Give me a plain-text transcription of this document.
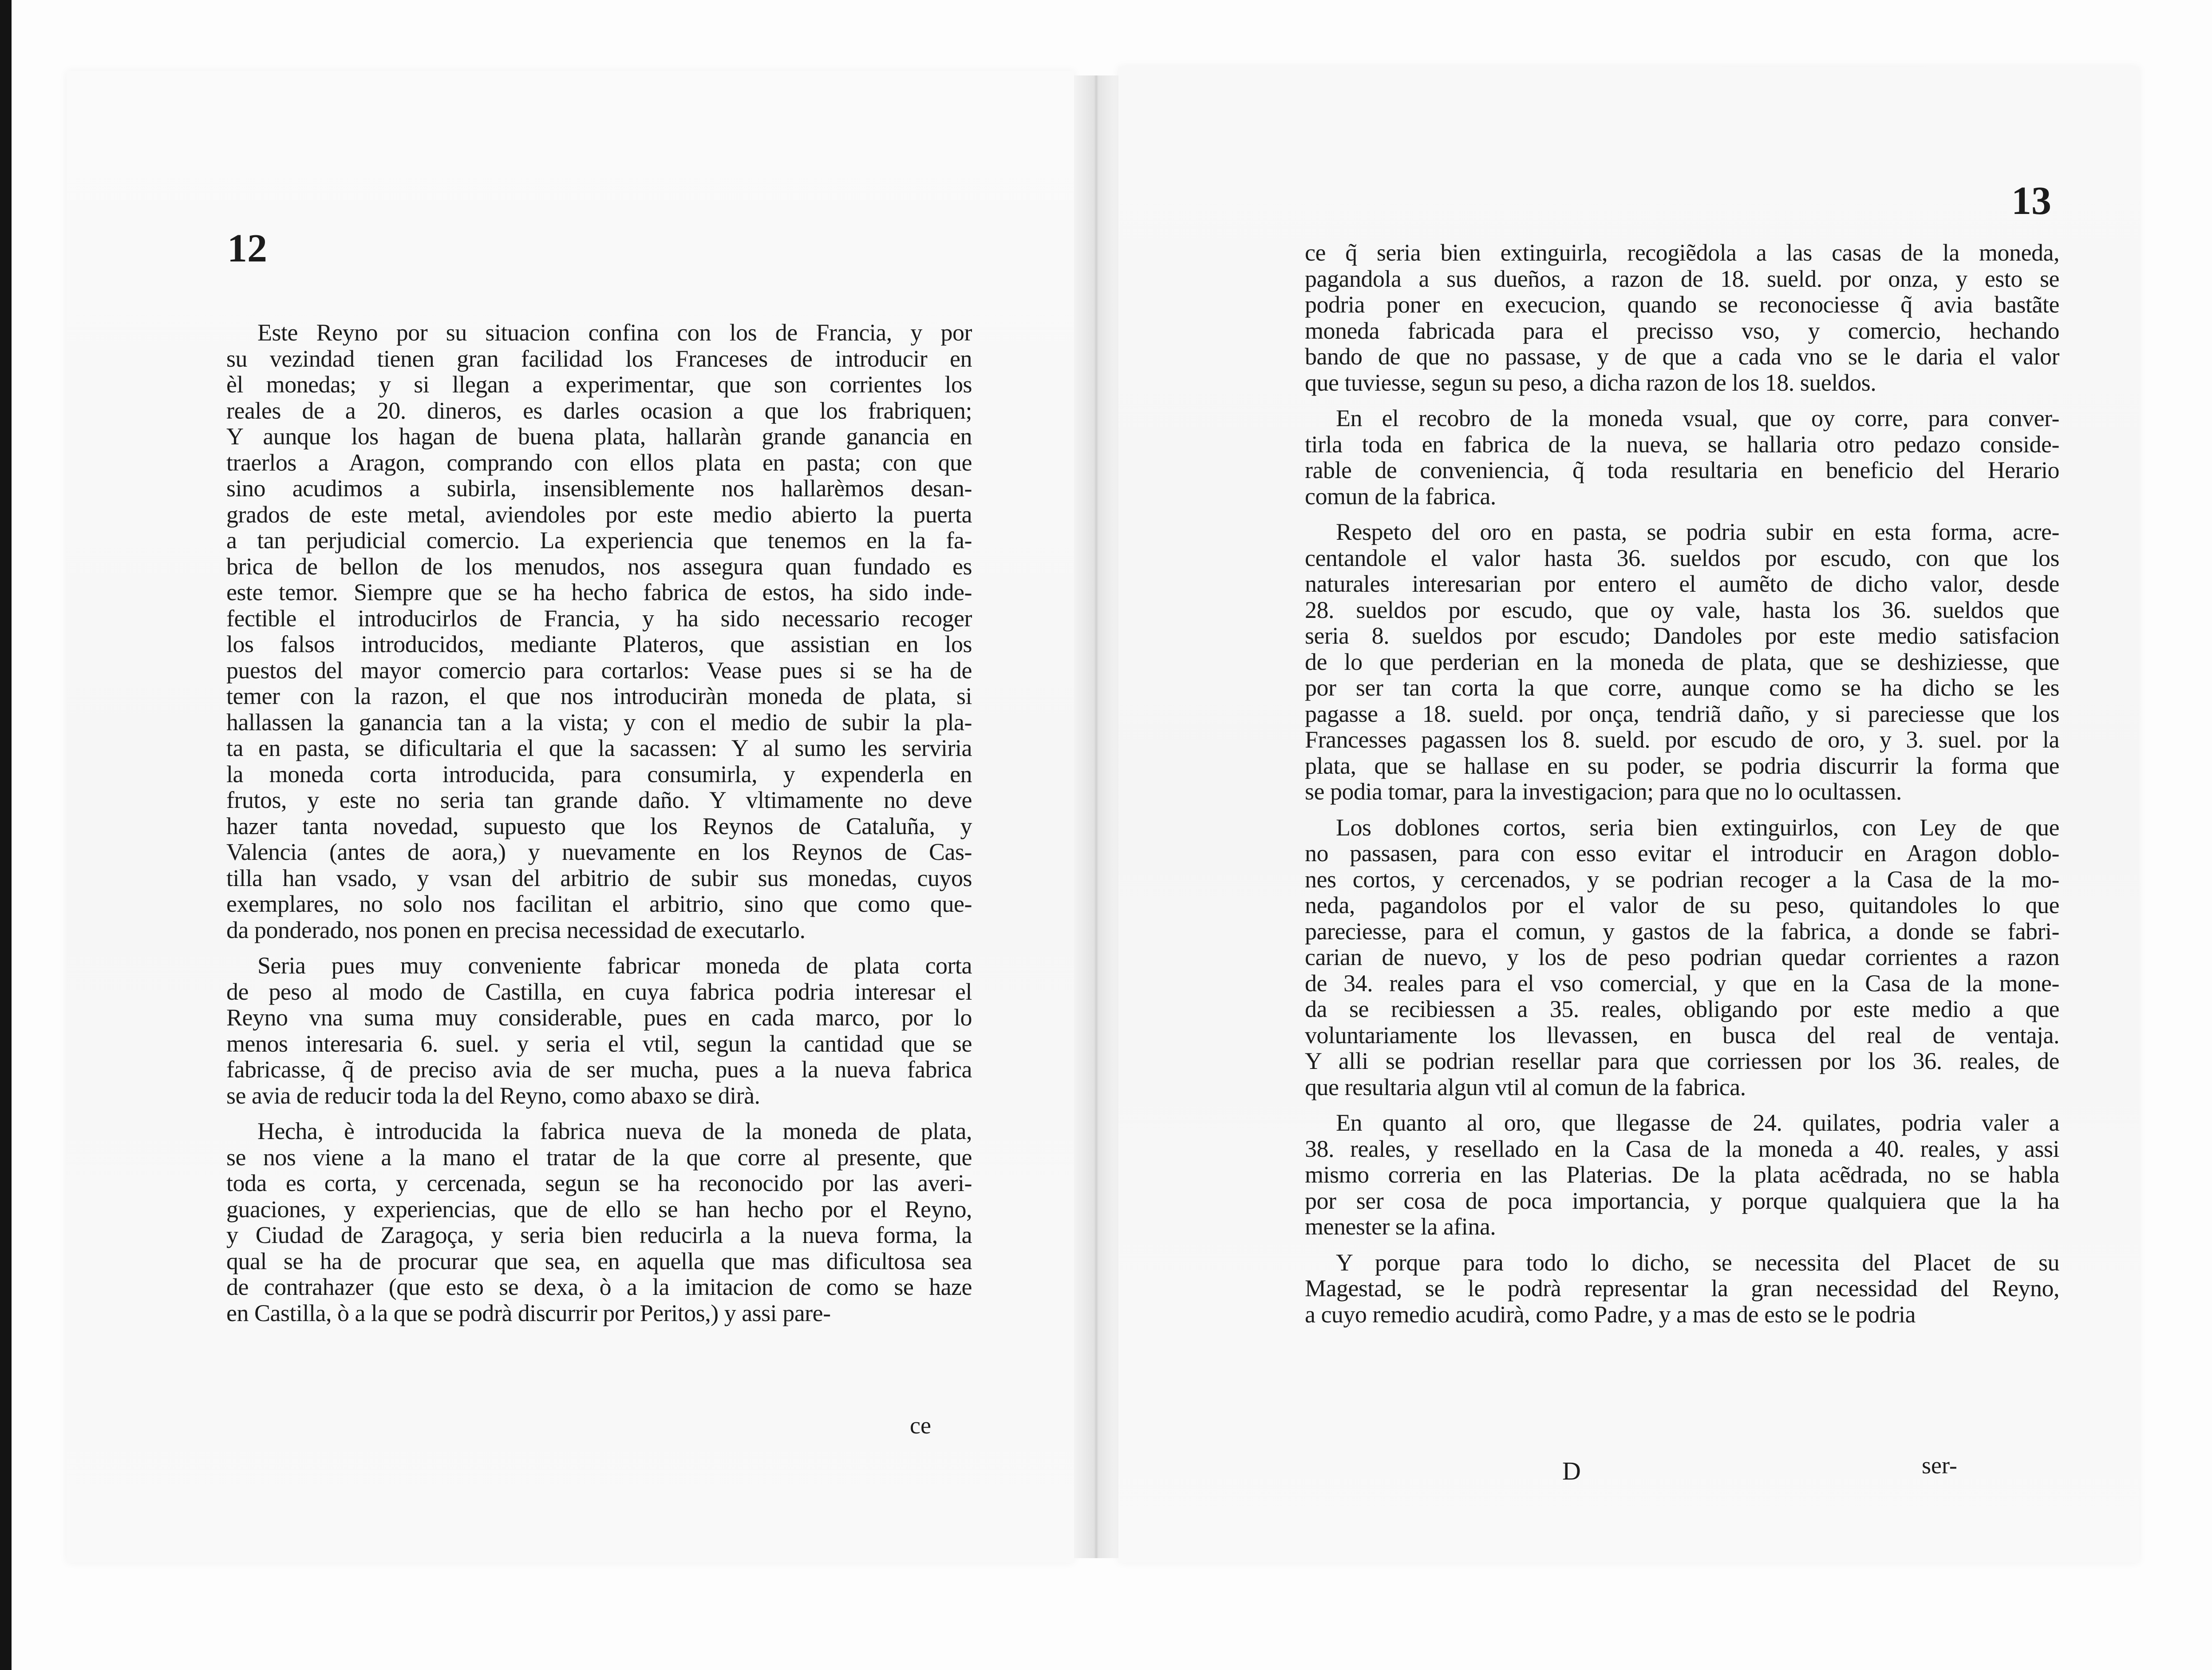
12
Este Reyno por su situacion confina con los de Francia, y por
su vezindad tienen gran facilidad los Franceses de introducir en
èl monedas; y si llegan a experimentar, que son corrientes los
reales de a 20. dineros, es darles ocasion a que los frabriquen;
Y aunque los hagan de buena plata, hallaràn grande ganancia en
traerlos a Aragon, comprando con ellos plata en pasta; con que
sino acudimos a subirla, insensiblemente nos hallarèmos desan-
grados de este metal, aviendoles por este medio abierto la puerta
a tan perjudicial comercio. La experiencia que tenemos en la fa-
brica de bellon de los menudos, nos assegura quan fundado es
este temor. Siempre que se ha hecho fabrica de estos, ha sido inde-
fectible el introducirlos de Francia, y ha sido necessario recoger
los falsos introducidos, mediante Plateros, que assistian en los
puestos del mayor comercio para cortarlos: Vease pues si se ha de
temer con la razon, el que nos introduciràn moneda de plata, si
hallassen la ganancia tan a la vista; y con el medio de subir la pla-
ta en pasta, se dificultaria el que la sacassen: Y al sumo les serviria
la moneda corta introducida, para consumirla, y expenderla en
frutos, y este no seria tan grande daño. Y vltimamente no deve
hazer tanta novedad, supuesto que los Reynos de Cataluña, y
Valencia (antes de aora,) y nuevamente en los Reynos de Cas-
tilla han vsado, y vsan del arbitrio de subir sus monedas, cuyos
exemplares, no solo nos facilitan el arbitrio, sino que como que-
da ponderado, nos ponen en precisa necessidad de executarlo.
Seria pues muy conveniente fabricar moneda de plata corta
de peso al modo de Castilla, en cuya fabrica podria interesar el
Reyno vna suma muy considerable, pues en cada marco, por lo
menos interesaria 6. suel. y seria el vtil, segun la cantidad que se
fabricasse, q̃ de preciso avia de ser mucha, pues a la nueva fabrica
se avia de reducir toda la del Reyno, como abaxo se dirà.
Hecha, è introducida la fabrica nueva de la moneda de plata,
se nos viene a la mano el tratar de la que corre al presente, que
toda es corta, y cercenada, segun se ha reconocido por las averi-
guaciones, y experiencias, que de ello se han hecho por el Reyno,
y Ciudad de Zaragoça, y seria bien reducirla a la nueva forma, la
qual se ha de procurar que sea, en aquella que mas dificultosa sea
de contrahazer (que esto se dexa, ò a la imitacion de como se haze
en Castilla, ò a la que se podrà discurrir por Peritos,) y assi pare-
ce
13
ce q̃ seria bien extinguirla, recogiẽdola a las casas de la moneda,
pagandola a sus dueños, a razon de 18. sueld. por onza, y esto se
podria poner en execucion, quando se reconociesse q̃ avia bastãte
moneda fabricada para el precisso vso, y comercio, hechando
bando de que no passase, y de que a cada vno se le daria el valor
que tuviesse, segun su peso, a dicha razon de los 18. sueldos.
En el recobro de la moneda vsual, que oy corre, para conver-
tirla toda en fabrica de la nueva, se hallaria otro pedazo conside-
rable de conveniencia, q̃ toda resultaria en beneficio del Herario
comun de la fabrica.
Respeto del oro en pasta, se podria subir en esta forma, acre-
centandole el valor hasta 36. sueldos por escudo, con que los
naturales interesarian por entero el aumẽto de dicho valor, desde
28. sueldos por escudo, que oy vale, hasta los 36. sueldos que
seria 8. sueldos por escudo; Dandoles por este medio satisfacion
de lo que perderian en la moneda de plata, que se deshiziesse, que
por ser tan corta la que corre, aunque como se ha dicho se les
pagasse a 18. sueld. por onça, tendriã daño, y si pareciesse que los
Francesses pagassen los 8. sueld. por escudo de oro, y 3. suel. por la
plata, que se hallase en su poder, se podria discurrir la forma que
se podia tomar, para la investigacion; para que no lo ocultassen.
Los doblones cortos, seria bien extinguirlos, con Ley de que
no passasen, para con esso evitar el introducir en Aragon doblo-
nes cortos, y cercenados, y se podrian recoger a la Casa de la mo-
neda, pagandolos por el valor de su peso, quitandoles lo que
pareciesse, para el comun, y gastos de la fabrica, a donde se fabri-
carian de nuevo, y los de peso podrian quedar corrientes a razon
de 34. reales para el vso comercial, y que en la Casa de la mone-
da se recibiessen a 35. reales, obligando por este medio a que
voluntariamente los llevassen, en busca del real de ventaja.
Y alli se podrian resellar para que corriessen por los 36. reales, de
que resultaria algun vtil al comun de la fabrica.
En quanto al oro, que llegasse de 24. quilates, podria valer a
38. reales, y resellado en la Casa de la moneda a 40. reales, y assi
mismo correria en las Platerias. De la plata acẽdrada, no se habla
por ser cosa de poca importancia, y porque qualquiera que la ha
menester se la afina.
Y porque para todo lo dicho, se necessita del Placet de su
Magestad, se le podrà representar la gran necessidad del Reyno,
a cuyo remedio acudirà, como Padre, y a mas de esto se le podria
D	ser-
